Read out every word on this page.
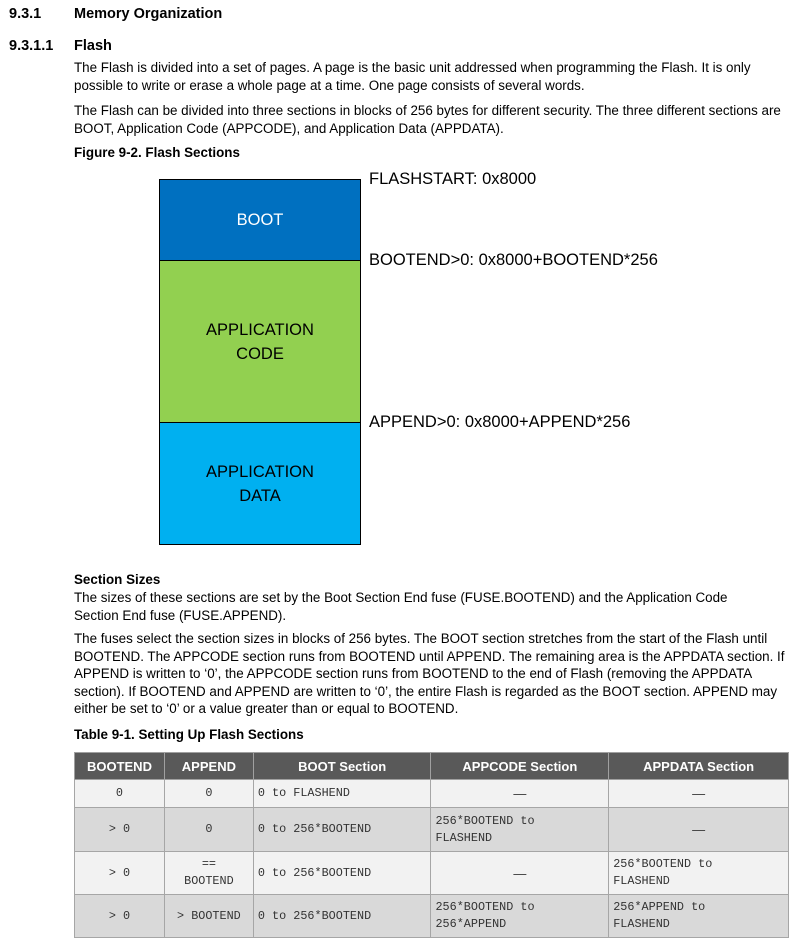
9.3.1 Memory Organization
9.3.1.1 Flash
The Flash is divided into a set of pages. A page is the basic unit addressed when programming the Flash. It is only possible to write or erase a whole page at a time. One page consists of several words.
The Flash can be divided into three sections in blocks of 256 bytes for different security. The three different sections are BOOT, Application Code (APPCODE), and Application Data (APPDATA).
Figure 9-2. Flash Sections
BOOT
APPLICATION
CODE
APPLICATION
DATA
FLASHSTART: 0x8000
BOOTEND>0: 0x8000+BOOTEND*256
APPEND>0: 0x8000+APPEND*256
Section Sizes
The sizes of these sections are set by the Boot Section End fuse (FUSE.BOOTEND) and the Application Code Section End fuse (FUSE.APPEND).
The fuses select the section sizes in blocks of 256 bytes. The BOOT section stretches from the start of the Flash until BOOTEND. The APPCODE section runs from BOOTEND until APPEND. The remaining area is the APPDATA section. If APPEND is written to ‘0’, the APPCODE section runs from BOOTEND to the end of Flash (removing the APPDATA section). If BOOTEND and APPEND are written to ‘0’, the entire Flash is regarded as the BOOT section. APPEND may either be set to ‘0’ or a value greater than or equal to BOOTEND.
Table 9-1. Setting Up Flash Sections
BOOTEND	APPEND	BOOT Section	APPCODE Section	APPDATA Section
0	0	0 to FLASHEND	—	—
> 0	0	0 to 256*BOOTEND	256*BOOTEND to FLASHEND	—
> 0	== BOOTEND	0 to 256*BOOTEND	—	256*BOOTEND to FLASHEND
> 0	> BOOTEND	0 to 256*BOOTEND	256*BOOTEND to 256*APPEND	256*APPEND to FLASHEND
